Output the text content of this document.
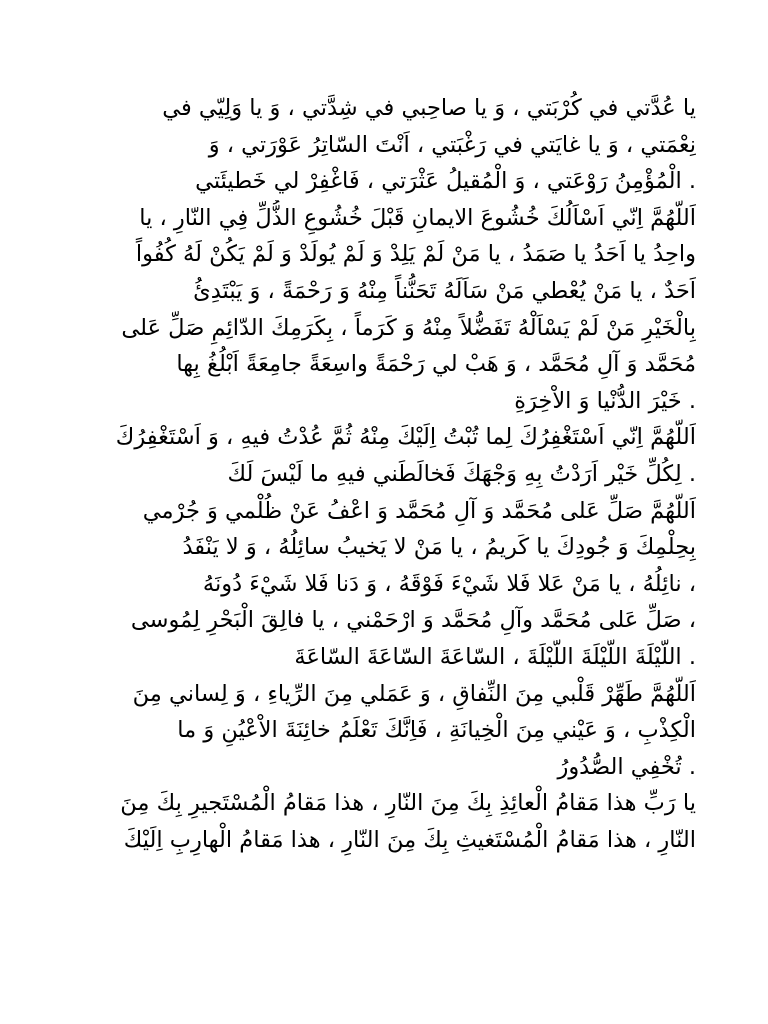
يا عُدَّتي في كُرْبَتي ، وَ يا صاحِبي في شِدَّتي ، وَ يا وَلِيّي في
نِعْمَتي ، وَ يا غايَتي في رَغْبَتي ، اَنْتَ السّاتِرُ عَوْرَتي ، وَ
. الْمُؤْمِنُ رَوْعَتي ، وَ الْمُقيلُ عَثْرَتي ، فَاغْفِرْ لي خَطيئَتي
اَللّهُمَّ اِنّي اَسْاَلُكَ خُشُوعَ الايمانِ قَبْلَ خُشُوعِ الذُّلِّ فِي النّارِ ، يا
واحِدُ يا اَحَدُ يا صَمَدُ ، يا مَنْ لَمْ يَلِدْ وَ لَمْ يُولَدْ وَ لَمْ يَكُنْ لَهُ كُفُواً
اَحَدٌ ، يا مَنْ يُعْطي مَنْ سَاَلَهُ تَحَنُّناً مِنْهُ وَ رَحْمَةً ، وَ يَبْتَدِئُ
بِالْخَيْرِ مَنْ لَمْ يَسْاَلْهُ تَفَضُّلاً مِنْهُ وَ كَرَماً ، بِكَرَمِكَ الدّائِمِ صَلِّ عَلى
مُحَمَّد وَ آلِ مُحَمَّد ، وَ هَبْ لي رَحْمَةً واسِعَةً جامِعَةً اَبْلُغُ بِها
. خَيْرَ الدُّنْيا وَ الاْخِرَةِ
اَللّهُمَّ اِنّي اَسْتَغْفِرُكَ لِما تُبْتُ اِلَيْكَ مِنْهُ ثُمَّ عُدْتُ فيهِ ، وَ اَسْتَغْفِرُكَ
. لِكُلِّ خَيْر اَرَدْتُ بِهِ وَجْهَكَ فَخالَطَني فيهِ ما لَيْسَ لَكَ
اَللّهُمَّ صَلِّ عَلى مُحَمَّد وَ آلِ مُحَمَّد وَ اعْفُ عَنْ ظُلْمي وَ جُرْمي
بِحِلْمِكَ وَ جُودِكَ يا كَريمُ ، يا مَنْ لا يَخيبُ سائِلُهُ ، وَ لا يَنْفَدُ
، نائِلُهُ ، يا مَنْ عَلا فَلا شَيْءَ فَوْقَهُ ، وَ دَنا فَلا شَيْءَ دُونَهُ
، صَلِّ عَلى مُحَمَّد وآلِ مُحَمَّد وَ ارْحَمْني ، يا فالِقَ الْبَحْرِ لِمُوسى
. اللَّيْلَةَ اللَّيْلَةَ اللَّيْلَةَ ، السّاعَةَ السّاعَةَ السّاعَةَ
اَللّهُمَّ طَهِّرْ قَلْبي مِنَ النِّفاقِ ، وَ عَمَلي مِنَ الرِّياءِ ، وَ لِساني مِنَ
الْكِذْبِ ، وَ عَيْني مِنَ الْخِيانَةِ ، فَاِنَّكَ تَعْلَمُ خائِنَةَ الاْعْيُنِ وَ ما
. تُخْفِي الصُّدُورُ
يا رَبِّ هذا مَقامُ الْعائِذِ بِكَ مِنَ النّارِ ، هذا مَقامُ الْمُسْتَجيرِ بِكَ مِنَ
النّارِ ، هذا مَقامُ الْمُسْتَغيثِ بِكَ مِنَ النّارِ ، هذا مَقامُ الْهارِبِ اِلَيْكَ
